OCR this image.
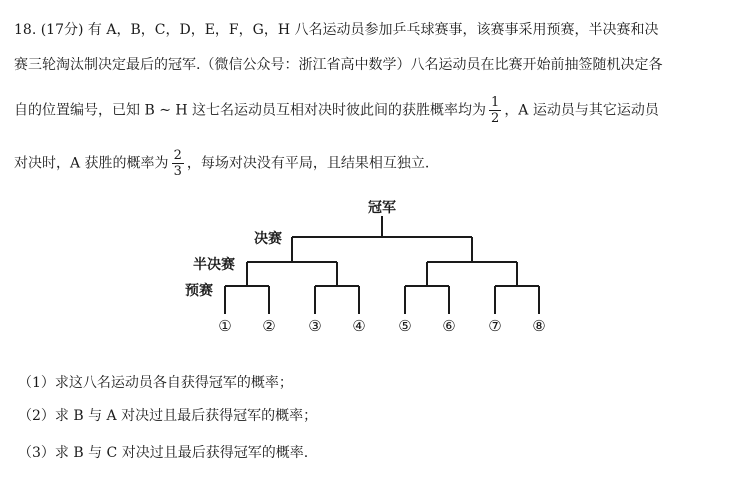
18. (17分) 有 A，B，C，D，E，F，G，H 八名运动员参加乒乓球赛事，该赛事采用预赛，半决赛和决
赛三轮淘汰制决定最后的冠军.（微信公众号：浙江省高中数学）八名运动员在比赛开始前抽签随机决定各
自的位置编号，已知 B ~ H 这七名运动员互相对决时彼此间的获胜概率均为 $\frac{1}{2}$ ，A 运动员与其它运动员
对决时，A 获胜的概率为 $\frac{2}{3}$ ，每场对决没有平局，且结果相互独立.
冠军
决赛
半决赛
预赛
① ② ③ ④ ⑤ ⑥ ⑦ ⑧
（1）求这八名运动员各自获得冠军的概率；
（2）求 B 与 A 对决过且最后获得冠军的概率；
（3）求 B 与 C 对决过且最后获得冠军的概率.
